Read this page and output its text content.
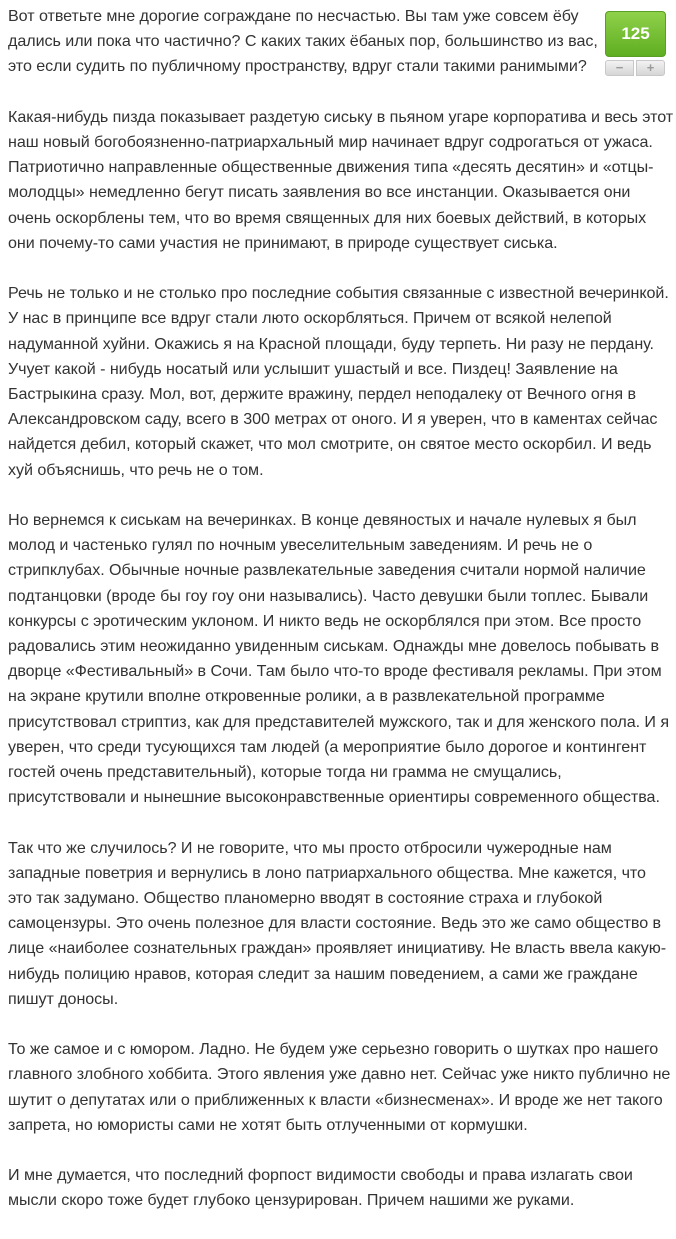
125
−	+

Вот ответьте мне дорогие сограждане по несчастью. Вы там уже совсем ёбу дались или пока что частично? С каких таких ёбаных пор, большинство из вас, это если судить по публичному пространству, вдруг стали такими ранимыми?

Какая-нибудь пизда показывает раздетую сиську в пьяном угаре корпоратива и весь этот наш новый богобоязненно-патриархальный мир начинает вдруг содрогаться от ужаса. Патриотично направленные общественные движения типа «десять десятин» и «отцы-молодцы» немедленно бегут писать заявления во все инстанции. Оказывается они очень оскорблены тем, что во время священных для них боевых действий, в которых они почему-то сами участия не принимают, в природе существует сиська.

Речь не только и не столько про последние события связанные с известной вечеринкой. У нас в принципе все вдруг стали люто оскорбляться. Причем от всякой нелепой надуманной хуйни. Окажись я на Красной площади, буду терпеть. Ни разу не пердану. Учует какой - нибудь носатый или услышит ушастый и все. Пиздец! Заявление на Бастрыкина сразу. Мол, вот, держите вражину, пердел неподалеку от Вечного огня в Александровском саду, всего в 300 метрах от оного. И я уверен, что в каментах сейчас найдется дебил, который скажет, что мол смотрите, он святое место оскорбил. И ведь хуй объяснишь, что речь не о том.

Но вернемся к сиськам на вечеринках. В конце девяностых и начале нулевых я был молод и частенько гулял по ночным увеселительным заведениям. И речь не о стрипклубах. Обычные ночные развлекательные заведения считали нормой наличие подтанцовки (вроде бы гоу гоу они назывались). Часто девушки были топлес. Бывали конкурсы с эротическим уклоном. И никто ведь не оскорблялся при этом. Все просто радовались этим неожиданно увиденным сиськам. Однажды мне довелось побывать в дворце «Фестивальный» в Сочи. Там было что-то вроде фестиваля рекламы. При этом на экране крутили вполне откровенные ролики, а в развлекательной программе присутствовал стриптиз, как для представителей мужского, так и для женского пола. И я уверен, что среди тусующихся там людей (а мероприятие было дорогое и контингент гостей очень представительный), которые тогда ни грамма не смущались, присутствовали и нынешние высоконравственные ориентиры современного общества.

Так что же случилось? И не говорите, что мы просто отбросили чужеродные нам западные поветрия и вернулись в лоно патриархального общества. Мне кажется, что это так задумано. Общество планомерно вводят в состояние страха и глубокой самоцензуры. Это очень полезное для власти состояние. Ведь это же само общество в лице «наиболее сознательных граждан» проявляет инициативу. Не власть ввела какую-нибудь полицию нравов, которая следит за нашим поведением, а сами же граждане пишут доносы.

То же самое и с юмором. Ладно. Не будем уже серьезно говорить о шутках про нашего главного злобного хоббита. Этого явления уже давно нет. Сейчас уже никто публично не шутит о депутатах или о приближенных к власти «бизнесменах». И вроде же нет такого запрета, но юмористы сами не хотят быть отлученными от кормушки.

И мне думается, что последний форпост видимости свободы и права излагать свои мысли скоро тоже будет глубоко цензурирован. Причем нашими же руками.
